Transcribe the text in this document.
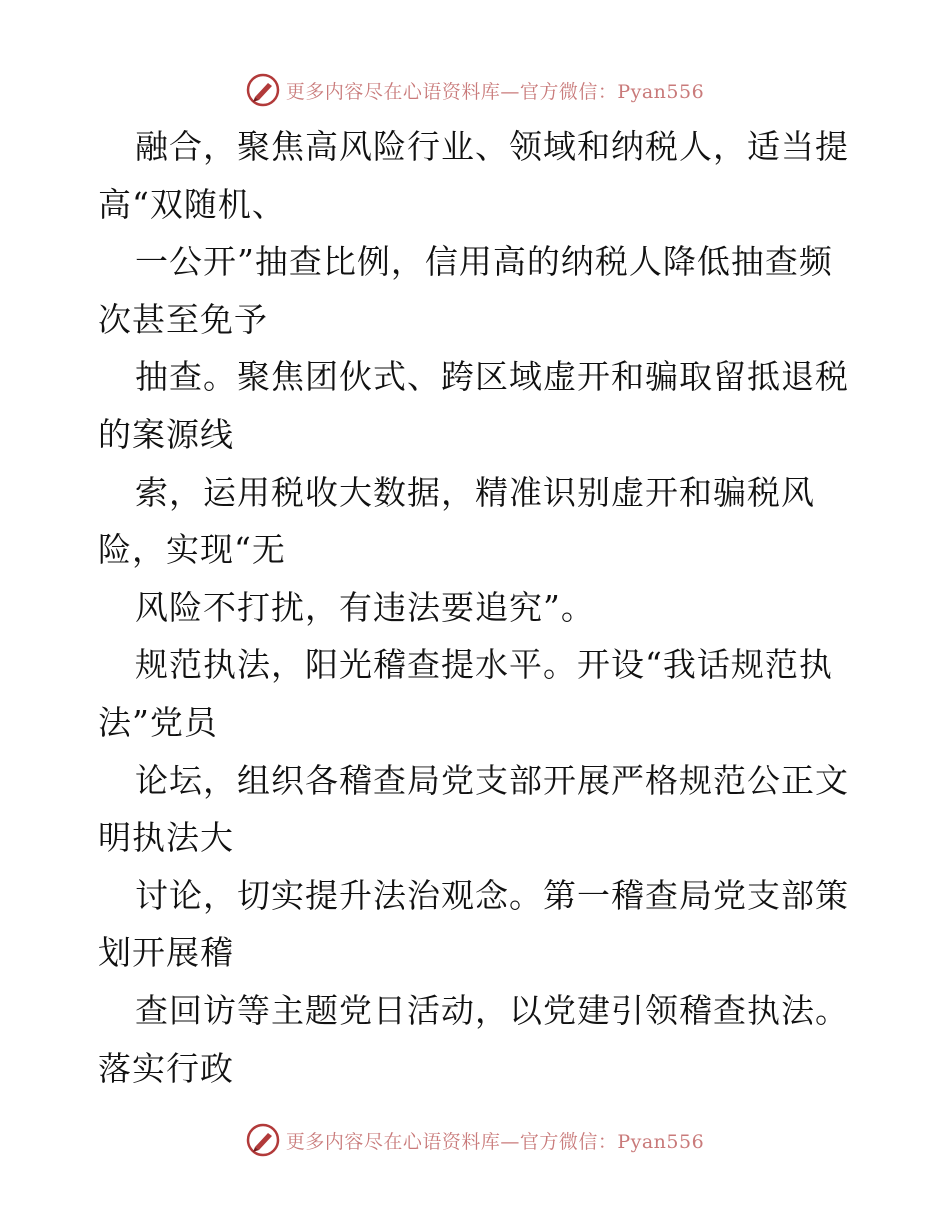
更多内容尽在心语资料库—官方微信：Pyan556
融合，聚焦高风险行业、领域和纳税人，适当提
高“双随机、
一公开”抽查比例，信用高的纳税人降低抽查频
次甚至免予
抽查。聚焦团伙式、跨区域虚开和骗取留抵退税
的案源线
索，运用税收大数据，精准识别虚开和骗税风
险，实现“无
风险不打扰，有违法要追究”。
规范执法，阳光稽查提水平。开设“我话规范执
法”党员
论坛，组织各稽查局党支部开展严格规范公正文
明执法大
讨论，切实提升法治观念。第一稽查局党支部策
划开展稽
查回访等主题党日活动，以党建引领稽查执法。
落实行政
更多内容尽在心语资料库—官方微信：Pyan556
